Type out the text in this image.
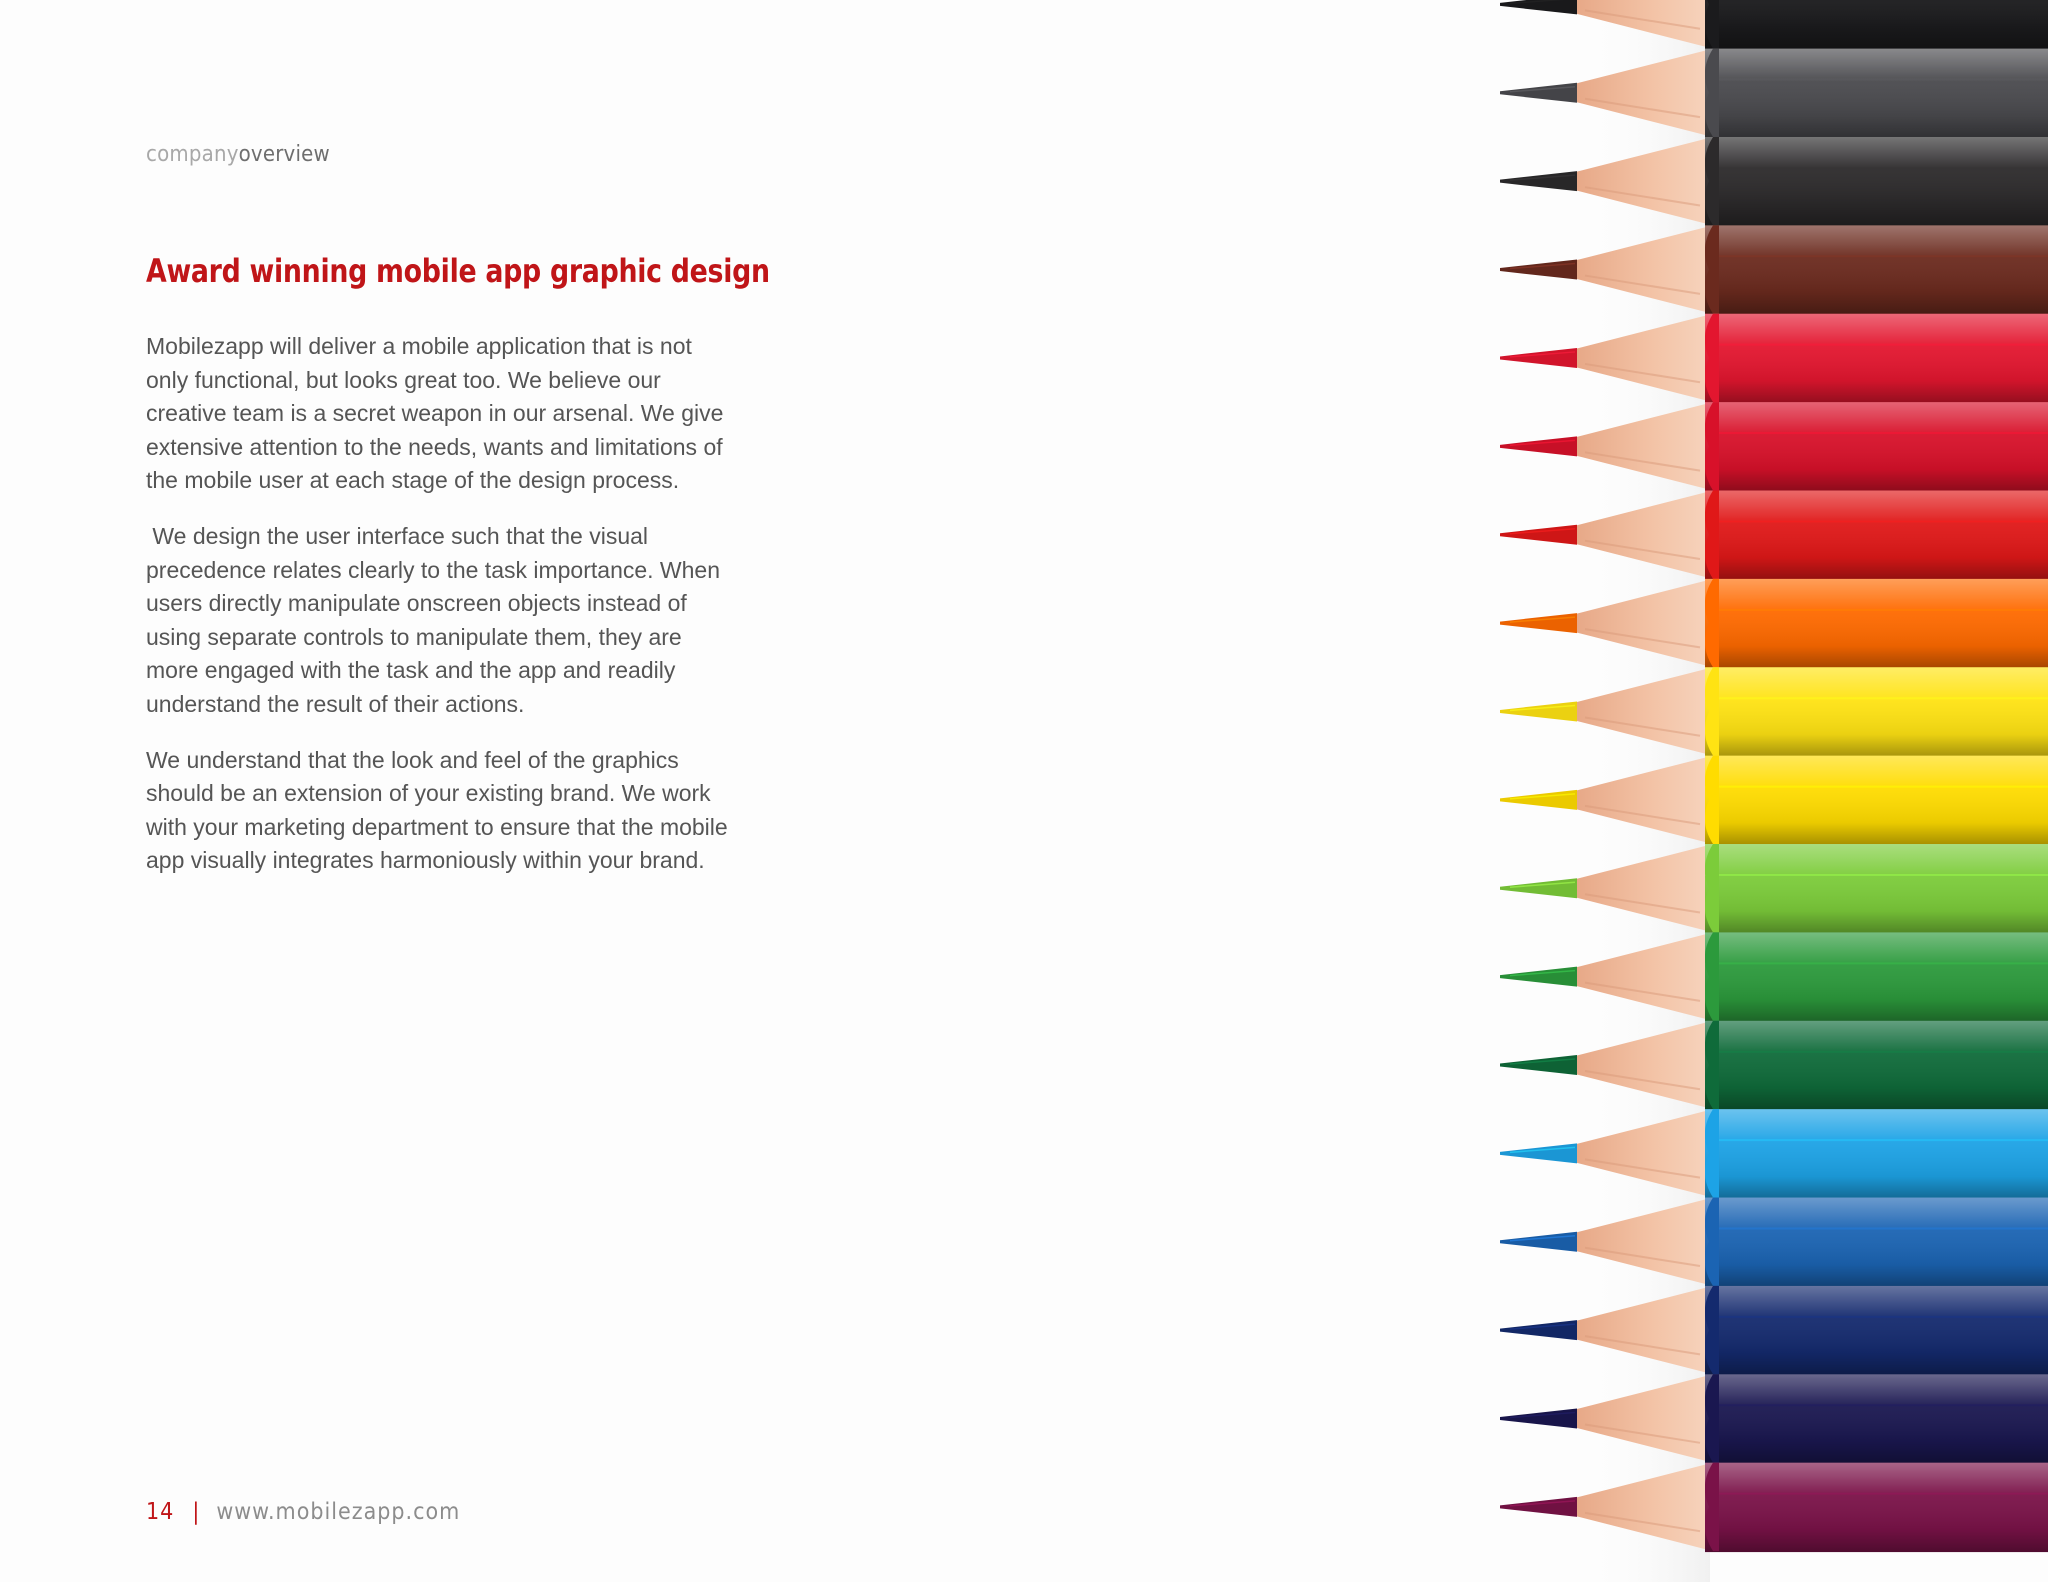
companyoverview
Award winning mobile app graphic design

Mobilezapp will deliver a mobile application that is not only functional, but looks great too. We believe our creative team is a secret weapon in our arsenal. We give extensive attention to the needs, wants and limitations of the mobile user at each stage of the design process.

We design the user interface such that the visual precedence relates clearly to the task importance. When users directly manipulate onscreen objects instead of using separate controls to manipulate them, they are more engaged with the task and the app and readily understand the result of their actions.

We understand that the look and feel of the graphics should be an extension of your existing brand. We work with your marketing department to ensure that the mobile app visually integrates harmoniously within your brand.

14 | www.mobilezapp.com
